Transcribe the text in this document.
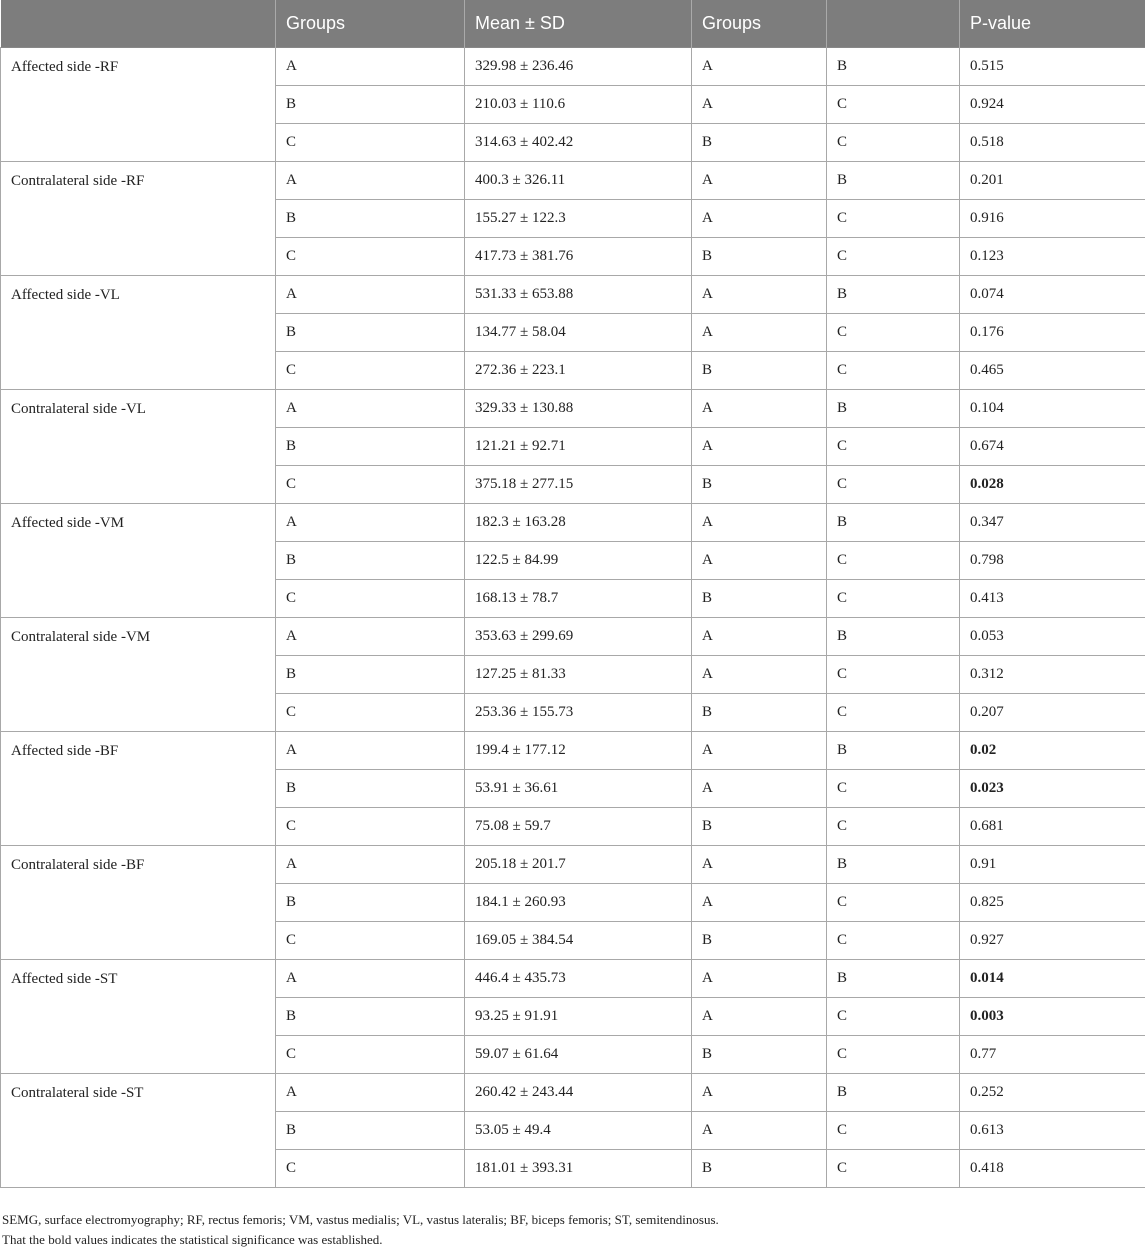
	Groups	Mean ± SD	Groups		P-value
Affected side -RF	A	329.98 ± 236.46	A	B	0.515
	B	210.03 ± 110.6	A	C	0.924
	C	314.63 ± 402.42	B	C	0.518
Contralateral side -RF	A	400.3 ± 326.11	A	B	0.201
	B	155.27 ± 122.3	A	C	0.916
	C	417.73 ± 381.76	B	C	0.123
Affected side -VL	A	531.33 ± 653.88	A	B	0.074
	B	134.77 ± 58.04	A	C	0.176
	C	272.36 ± 223.1	B	C	0.465
Contralateral side -VL	A	329.33 ± 130.88	A	B	0.104
	B	121.21 ± 92.71	A	C	0.674
	C	375.18 ± 277.15	B	C	0.028
Affected side -VM	A	182.3 ± 163.28	A	B	0.347
	B	122.5 ± 84.99	A	C	0.798
	C	168.13 ± 78.7	B	C	0.413
Contralateral side -VM	A	353.63 ± 299.69	A	B	0.053
	B	127.25 ± 81.33	A	C	0.312
	C	253.36 ± 155.73	B	C	0.207
Affected side -BF	A	199.4 ± 177.12	A	B	0.02
	B	53.91 ± 36.61	A	C	0.023
	C	75.08 ± 59.7	B	C	0.681
Contralateral side -BF	A	205.18 ± 201.7	A	B	0.91
	B	184.1 ± 260.93	A	C	0.825
	C	169.05 ± 384.54	B	C	0.927
Affected side -ST	A	446.4 ± 435.73	A	B	0.014
	B	93.25 ± 91.91	A	C	0.003
	C	59.07 ± 61.64	B	C	0.77
Contralateral side -ST	A	260.42 ± 243.44	A	B	0.252
	B	53.05 ± 49.4	A	C	0.613
	C	181.01 ± 393.31	B	C	0.418
SEMG, surface electromyography; RF, rectus femoris; VM, vastus medialis; VL, vastus lateralis; BF, biceps femoris; ST, semitendinosus.
That the bold values indicates the statistical significance was established.
